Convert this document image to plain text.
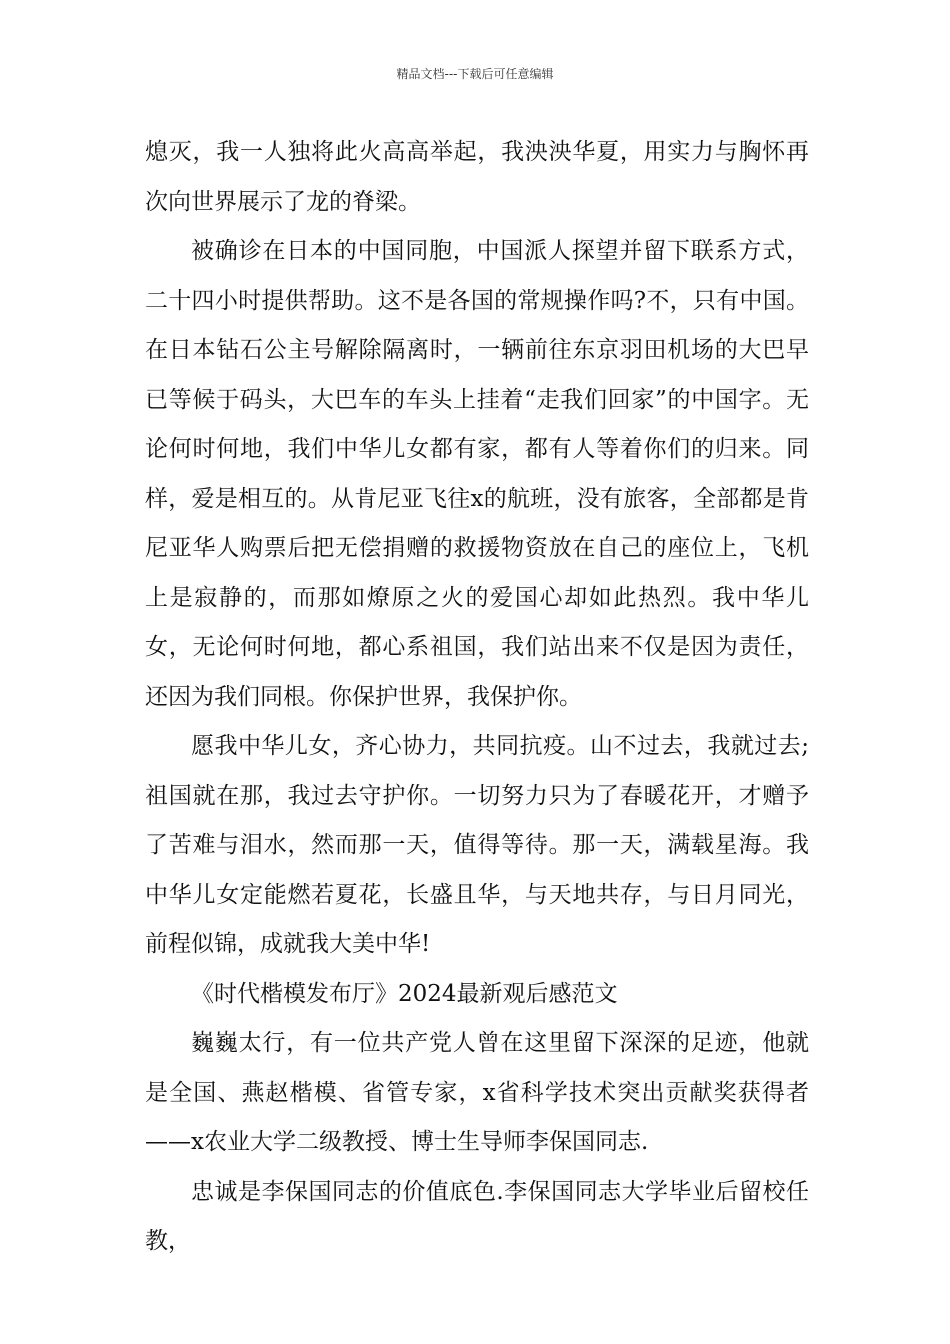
精品文档---下载后可任意编辑

熄灭，我一人独将此火高高举起，我泱泱华夏，用实力与胸怀再次向世界展示了龙的脊梁。

被确诊在日本的中国同胞，中国派人探望并留下联系方式，二十四小时提供帮助。这不是各国的常规操作吗?不，只有中国。在日本钻石公主号解除隔离时，一辆前往东京羽田机场的大巴早已等候于码头，大巴车的车头上挂着“走我们回家”的中国字。无论何时何地，我们中华儿女都有家，都有人等着你们的归来。同样，爱是相互的。从肯尼亚飞往x的航班，没有旅客，全部都是肯尼亚华人购票后把无偿捐赠的救援物资放在自己的座位上，飞机上是寂静的，而那如燎原之火的爱国心却如此热烈。我中华儿女，无论何时何地，都心系祖国，我们站出来不仅是因为责任，还因为我们同根。你保护世界，我保护你。

愿我中华儿女，齐心协力，共同抗疫。山不过去，我就过去;祖国就在那，我过去守护你。一切努力只为了春暖花开，才赠予了苦难与泪水，然而那一天，值得等待。那一天，满载星海。我中华儿女定能燃若夏花，长盛且华，与天地共存，与日月同光，前程似锦，成就我大美中华!

《时代楷模发布厅》2024最新观后感范文

巍巍太行，有一位共产党人曾在这里留下深深的足迹，他就是全国、燕赵楷模、省管专家，x省科学技术突出贡献奖获得者——x农业大学二级教授、博士生导师李保国同志.

忠诚是李保国同志的价值底色.李保国同志大学毕业后留校任教，
